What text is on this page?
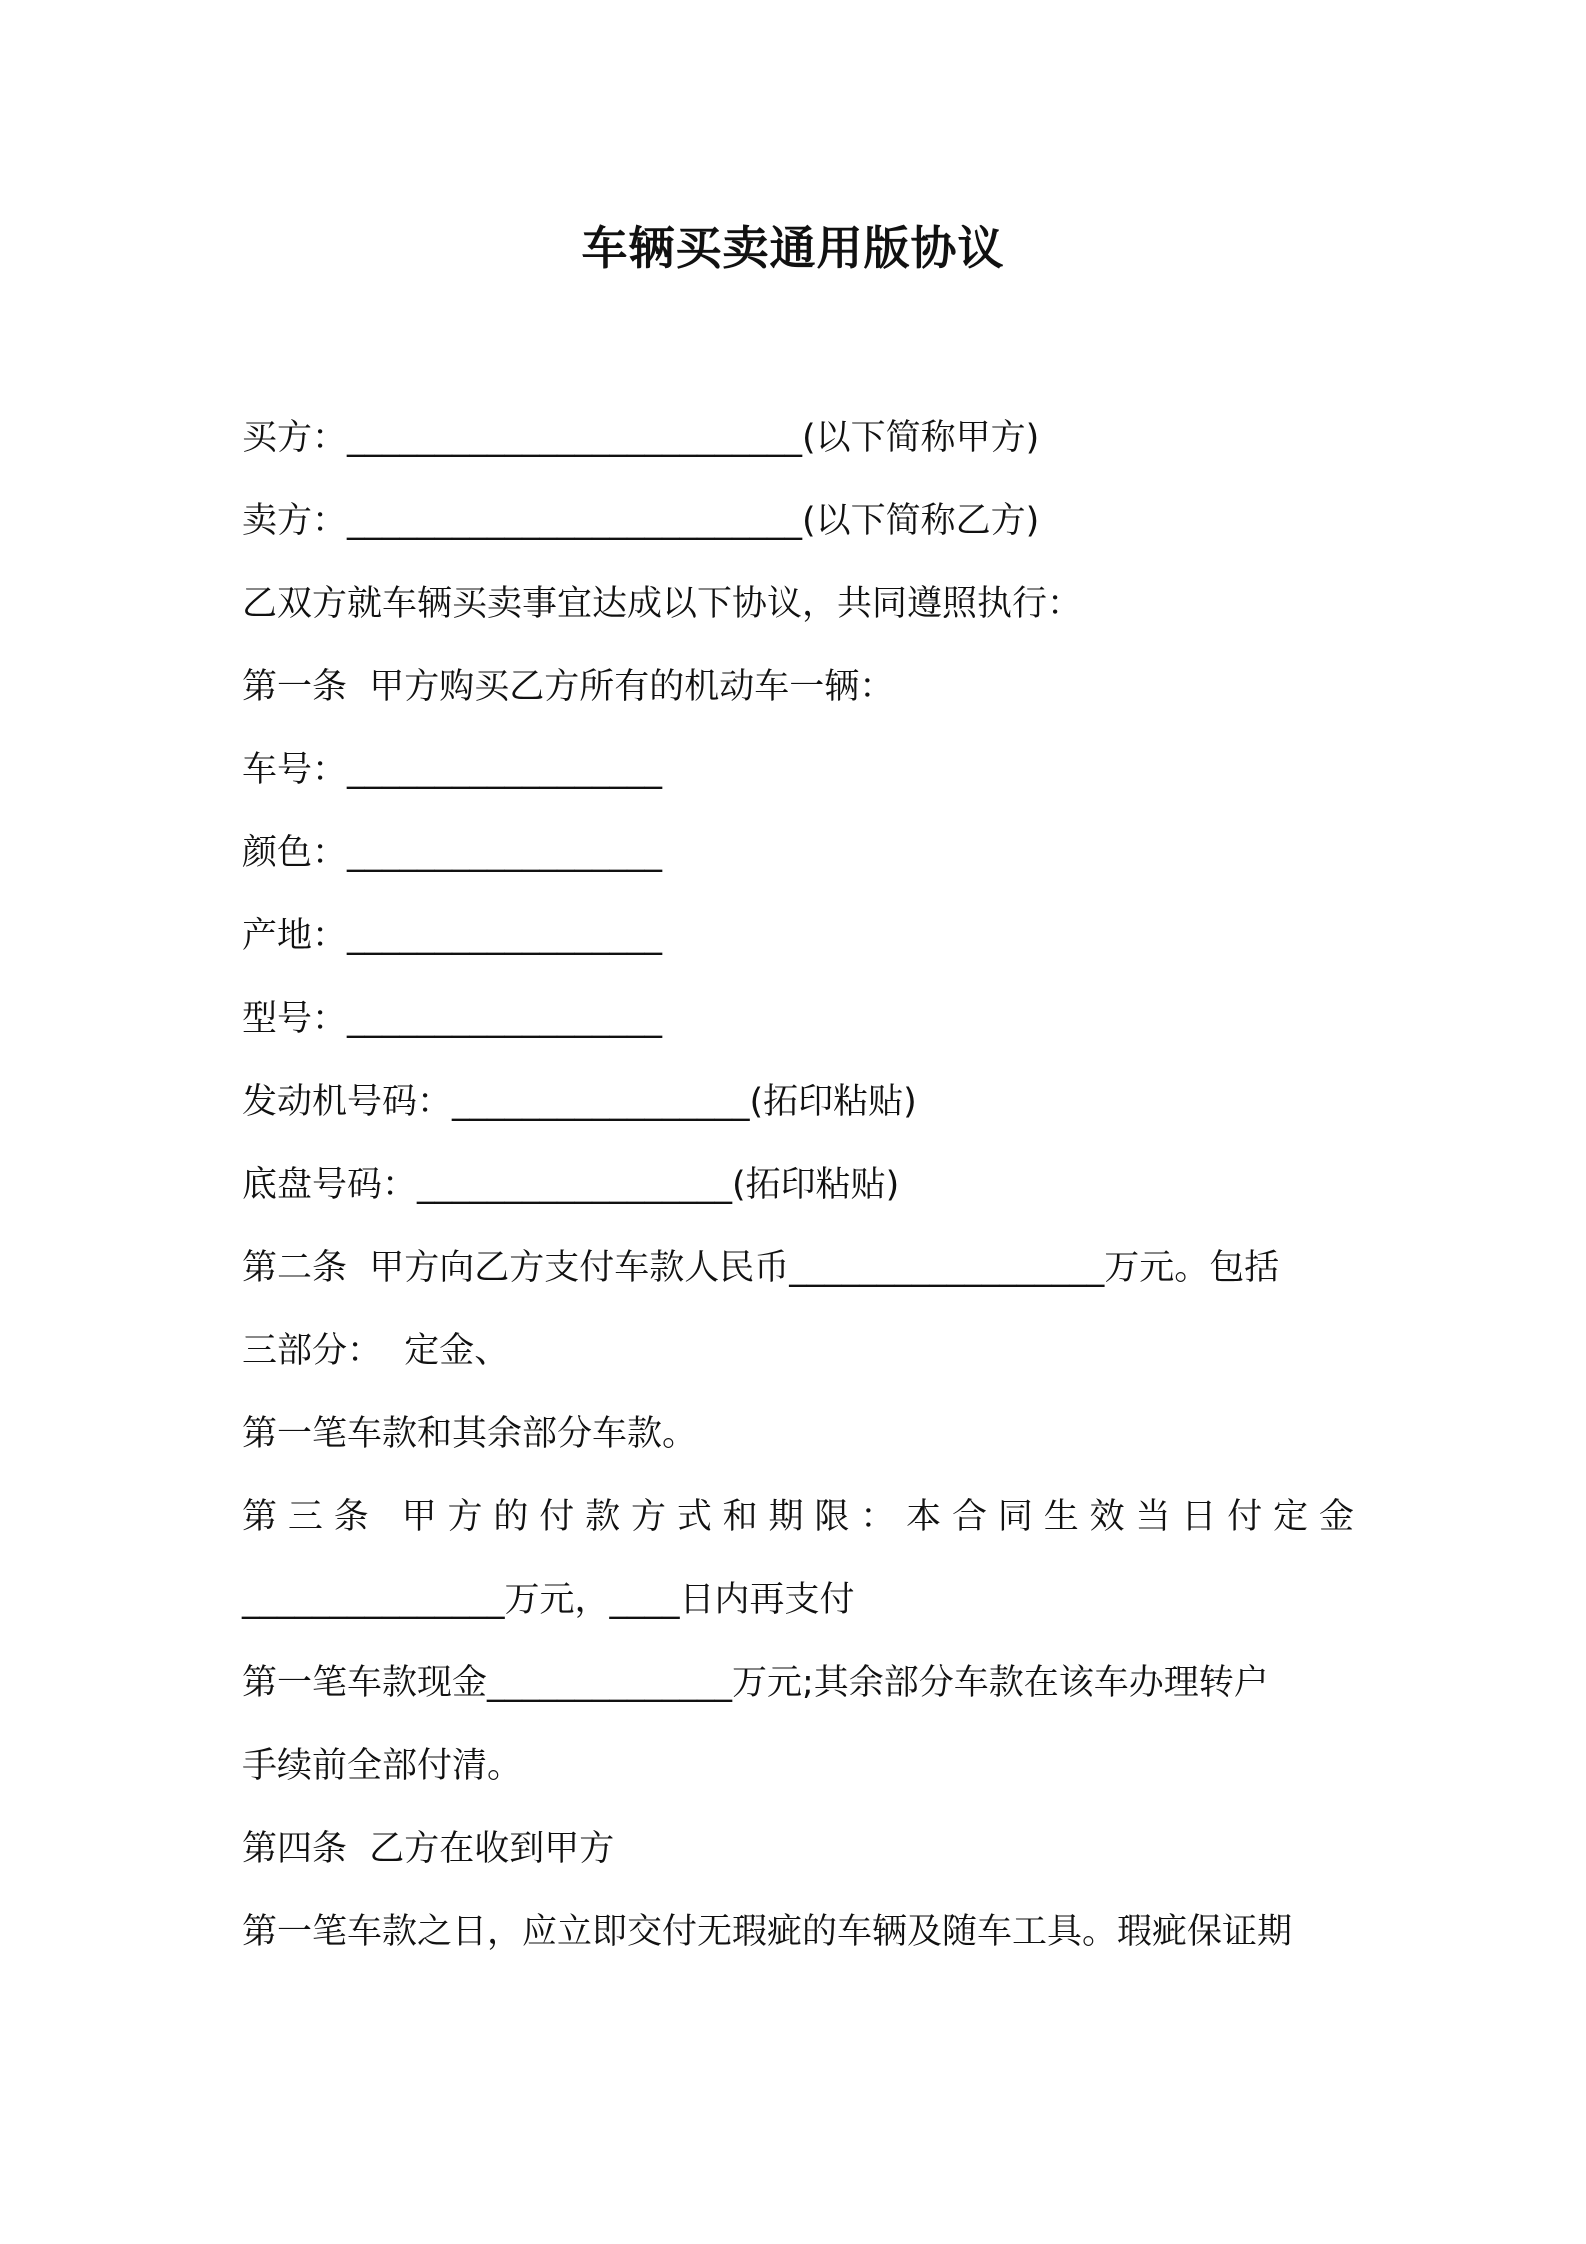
车辆买卖通用版协议

买方：__________________________(以下简称甲方)

卖方：__________________________(以下简称乙方)

乙双方就车辆买卖事宜达成以下协议，共同遵照执行：

第一条  甲方购买乙方所有的机动车一辆：

车号：__________________

颜色：__________________

产地：__________________

型号：__________________

发动机号码：_________________(拓印粘贴)

底盘号码：__________________(拓印粘贴)

第二条  甲方向乙方支付车款人民币__________________万元。包括

三部分：  定金、

第一笔车款和其余部分车款。

第三条 甲方的付款方式和期限：本合同生效当日付定金

_______________万元，____日内再支付

第一笔车款现金______________万元;其余部分车款在该车办理转户

手续前全部付清。

第四条  乙方在收到甲方

第一笔车款之日，应立即交付无瑕疵的车辆及随车工具。瑕疵保证期
